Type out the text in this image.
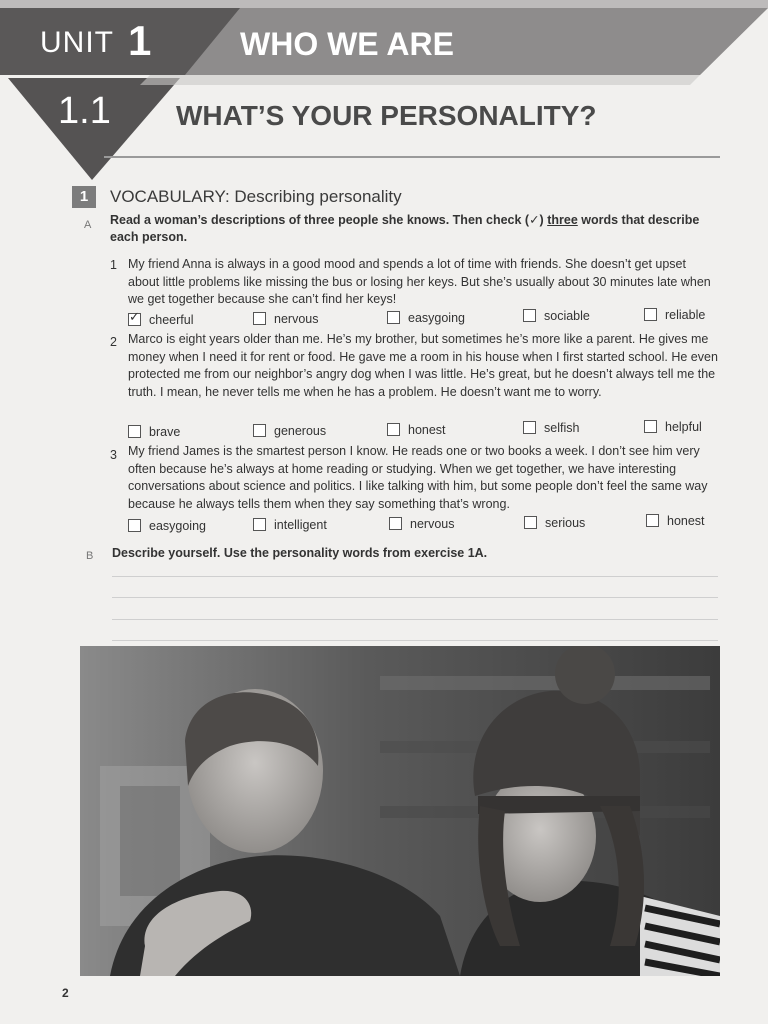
UNIT 1	WHO WE ARE
1.1 WHAT’S YOUR PERSONALITY?
1	VOCABULARY: Describing personality
A Read a woman’s descriptions of three people she knows. Then check (✓) three words that describe each person.
1 My friend Anna is always in a good mood and spends a lot of time with friends. She doesn’t get upset about little problems like missing the bus or losing her keys. But she’s usually about 30 minutes late when we get together because she can’t find her keys!
✓ cheerful	nervous	easygoing	sociable	reliable
2 Marco is eight years older than me. He’s my brother, but sometimes he’s more like a parent. He gives me money when I need it for rent or food. He gave me a room in his house when I first started school. He even protected me from our neighbor’s angry dog when I was little. He’s great, but he doesn’t always tell me the truth. I mean, he never tells me when he has a problem. He doesn’t want me to worry.
brave	generous	honest	selfish	helpful
3 My friend James is the smartest person I know. He reads one or two books a week. I don’t see him very often because he’s always at home reading or studying. When we get together, we have interesting conversations about science and politics. I like talking with him, but some people don’t feel the same way because he always tells them when they say something that’s wrong.
easygoing	intelligent	nervous	serious	honest
B Describe yourself. Use the personality words from exercise 1A.
2
